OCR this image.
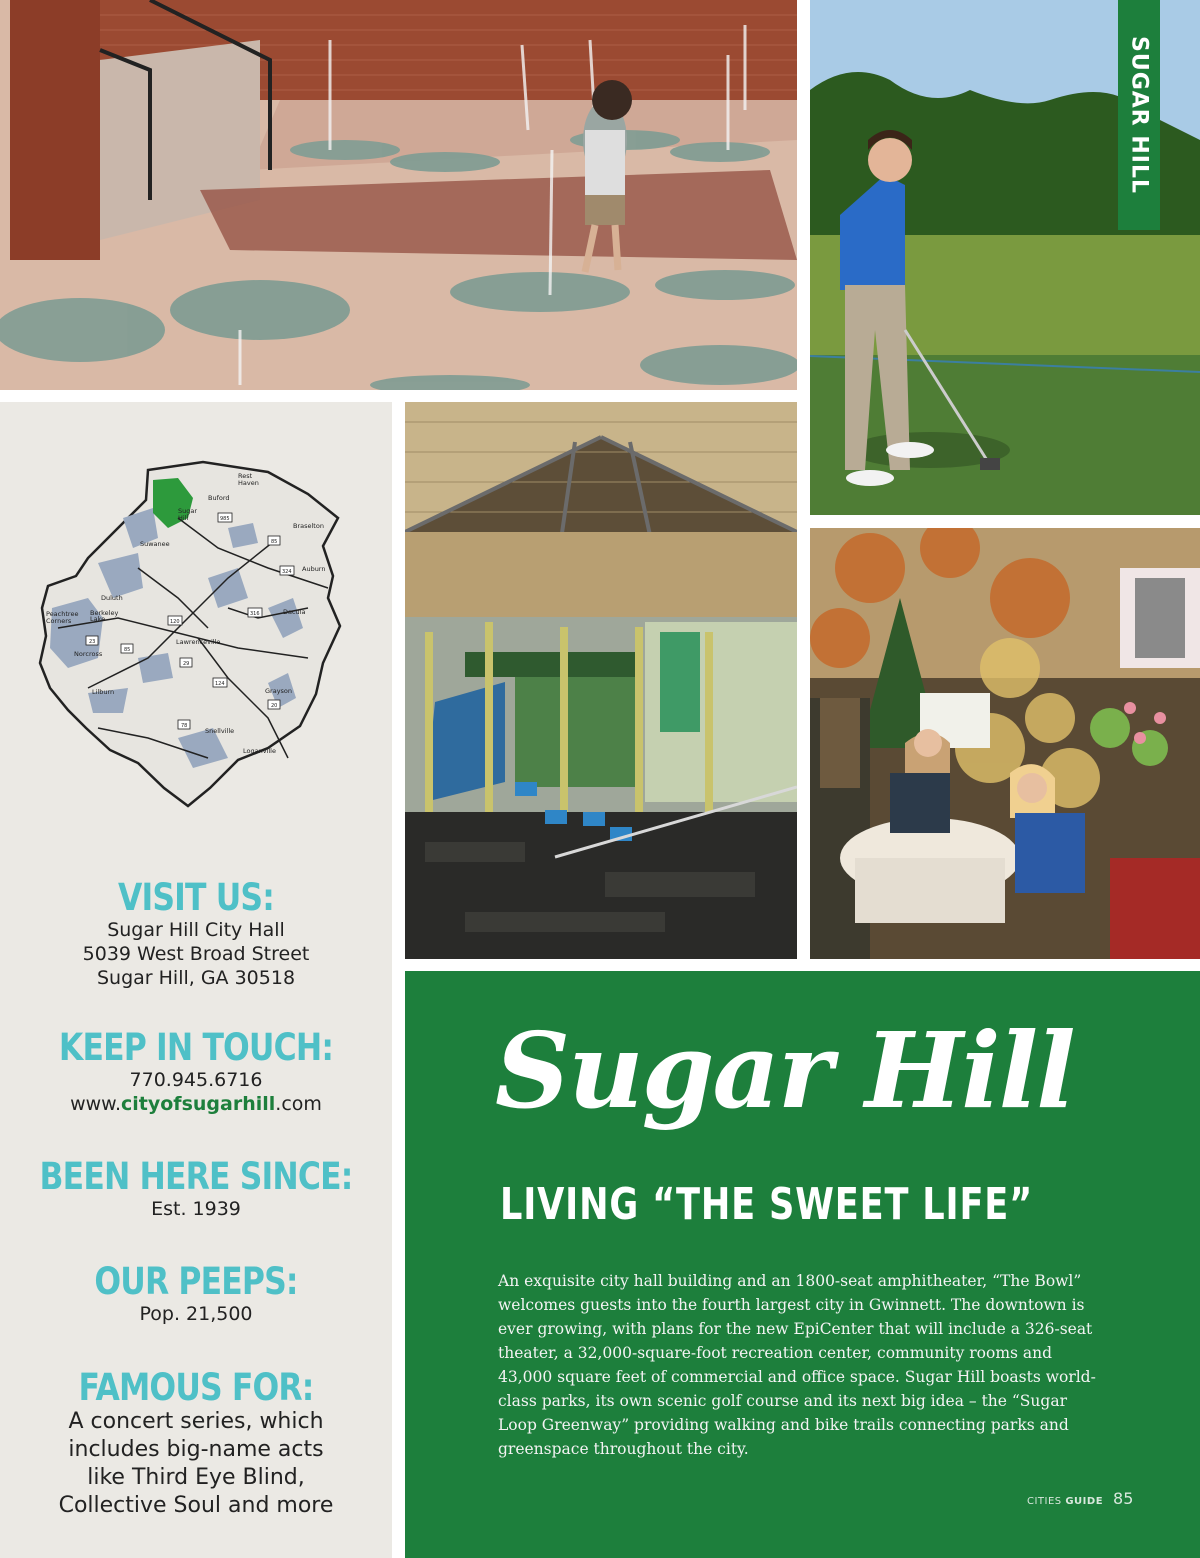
SUGAR HILL
Rest
Haven
Buford
Sugar
Hill
Braselton
Suwanee
Auburn
Duluth
Berkeley
Lake
Peachtree
Corners
Norcross
Lawrenceville
Dacula
Lilburn	Grayson
Snellville
Loganville
985
85
324
316
120
23
85
29
124
20
78
VISIT US:
Sugar Hill City Hall
5039 West Broad Street
Sugar Hill, GA 30518
KEEP IN TOUCH:
770.945.6716
www.cityofsugarhill.com
BEEN HERE SINCE:
Est. 1939
OUR PEEPS:
Pop. 21,500
FAMOUS FOR:
A concert series, which
includes big-name acts
like Third Eye Blind,
Collective Soul and more
Sugar Hill
LIVING “THE SWEET LIFE”
An exquisite city hall building and an 1800-seat amphitheater, “The Bowl”
welcomes guests into the fourth largest city in Gwinnett. The downtown is
ever growing, with plans for the new EpiCenter that will include a 326-seat
theater, a 32,000-square-foot recreation center, community rooms and
43,000 square feet of commercial and office space. Sugar Hill boasts world-
class parks, its own scenic golf course and its next big idea – the “Sugar
Loop Greenway” providing walking and bike trails connecting parks and
greenspace throughout the city.
CITIES GUIDE 85
